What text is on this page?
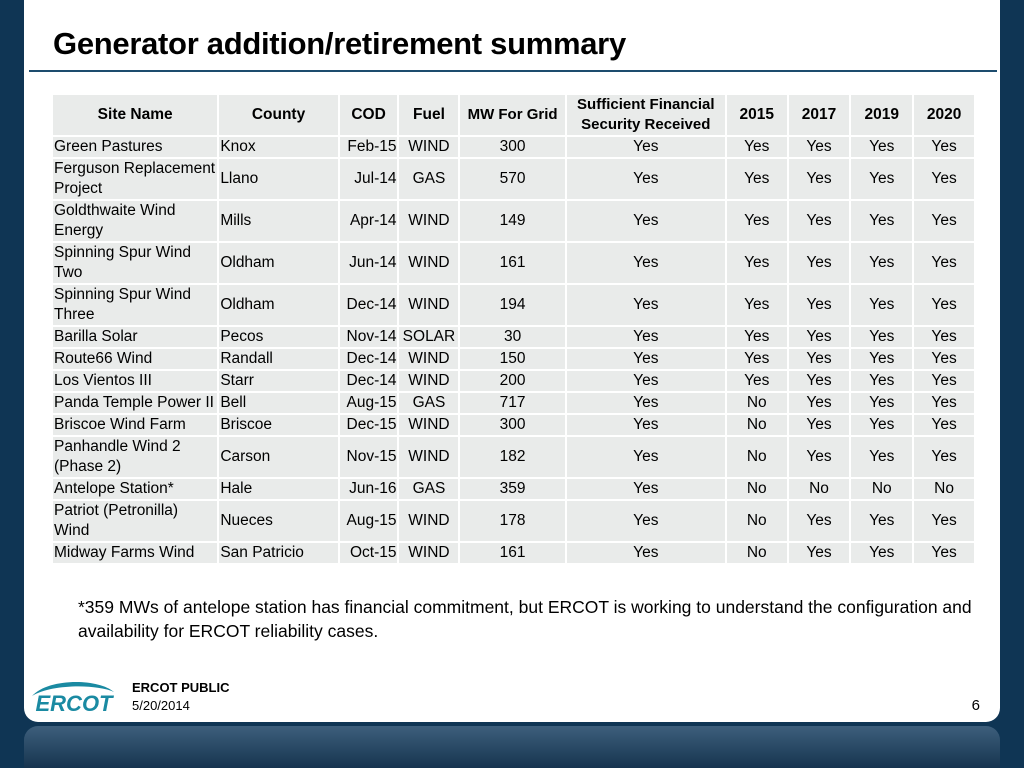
Generator addition/retirement summary
Site Name	County	COD	Fuel	MW For Grid	Sufficient Financial Security Received	2015	2017	2019	2020
Green Pastures	Knox	Feb-15	WIND	300	Yes	Yes	Yes	Yes	Yes
Ferguson Replacement Project	Llano	Jul-14	GAS	570	Yes	Yes	Yes	Yes	Yes
Goldthwaite Wind Energy	Mills	Apr-14	WIND	149	Yes	Yes	Yes	Yes	Yes
Spinning Spur Wind Two	Oldham	Jun-14	WIND	161	Yes	Yes	Yes	Yes	Yes
Spinning Spur Wind Three	Oldham	Dec-14	WIND	194	Yes	Yes	Yes	Yes	Yes
Barilla Solar	Pecos	Nov-14	SOLAR	30	Yes	Yes	Yes	Yes	Yes
Route66 Wind	Randall	Dec-14	WIND	150	Yes	Yes	Yes	Yes	Yes
Los Vientos III	Starr	Dec-14	WIND	200	Yes	Yes	Yes	Yes	Yes
Panda Temple Power II	Bell	Aug-15	GAS	717	Yes	No	Yes	Yes	Yes
Briscoe Wind Farm	Briscoe	Dec-15	WIND	300	Yes	No	Yes	Yes	Yes
Panhandle Wind 2 (Phase 2)	Carson	Nov-15	WIND	182	Yes	No	Yes	Yes	Yes
Antelope Station*	Hale	Jun-16	GAS	359	Yes	No	No	No	No
Patriot (Petronilla) Wind	Nueces	Aug-15	WIND	178	Yes	No	Yes	Yes	Yes
Midway Farms Wind	San Patricio	Oct-15	WIND	161	Yes	No	Yes	Yes	Yes
*359 MWs of antelope station has financial commitment, but ERCOT is working to understand the configuration and availability for ERCOT reliability cases.
ERCOT
ERCOT PUBLIC
5/20/2014	6
